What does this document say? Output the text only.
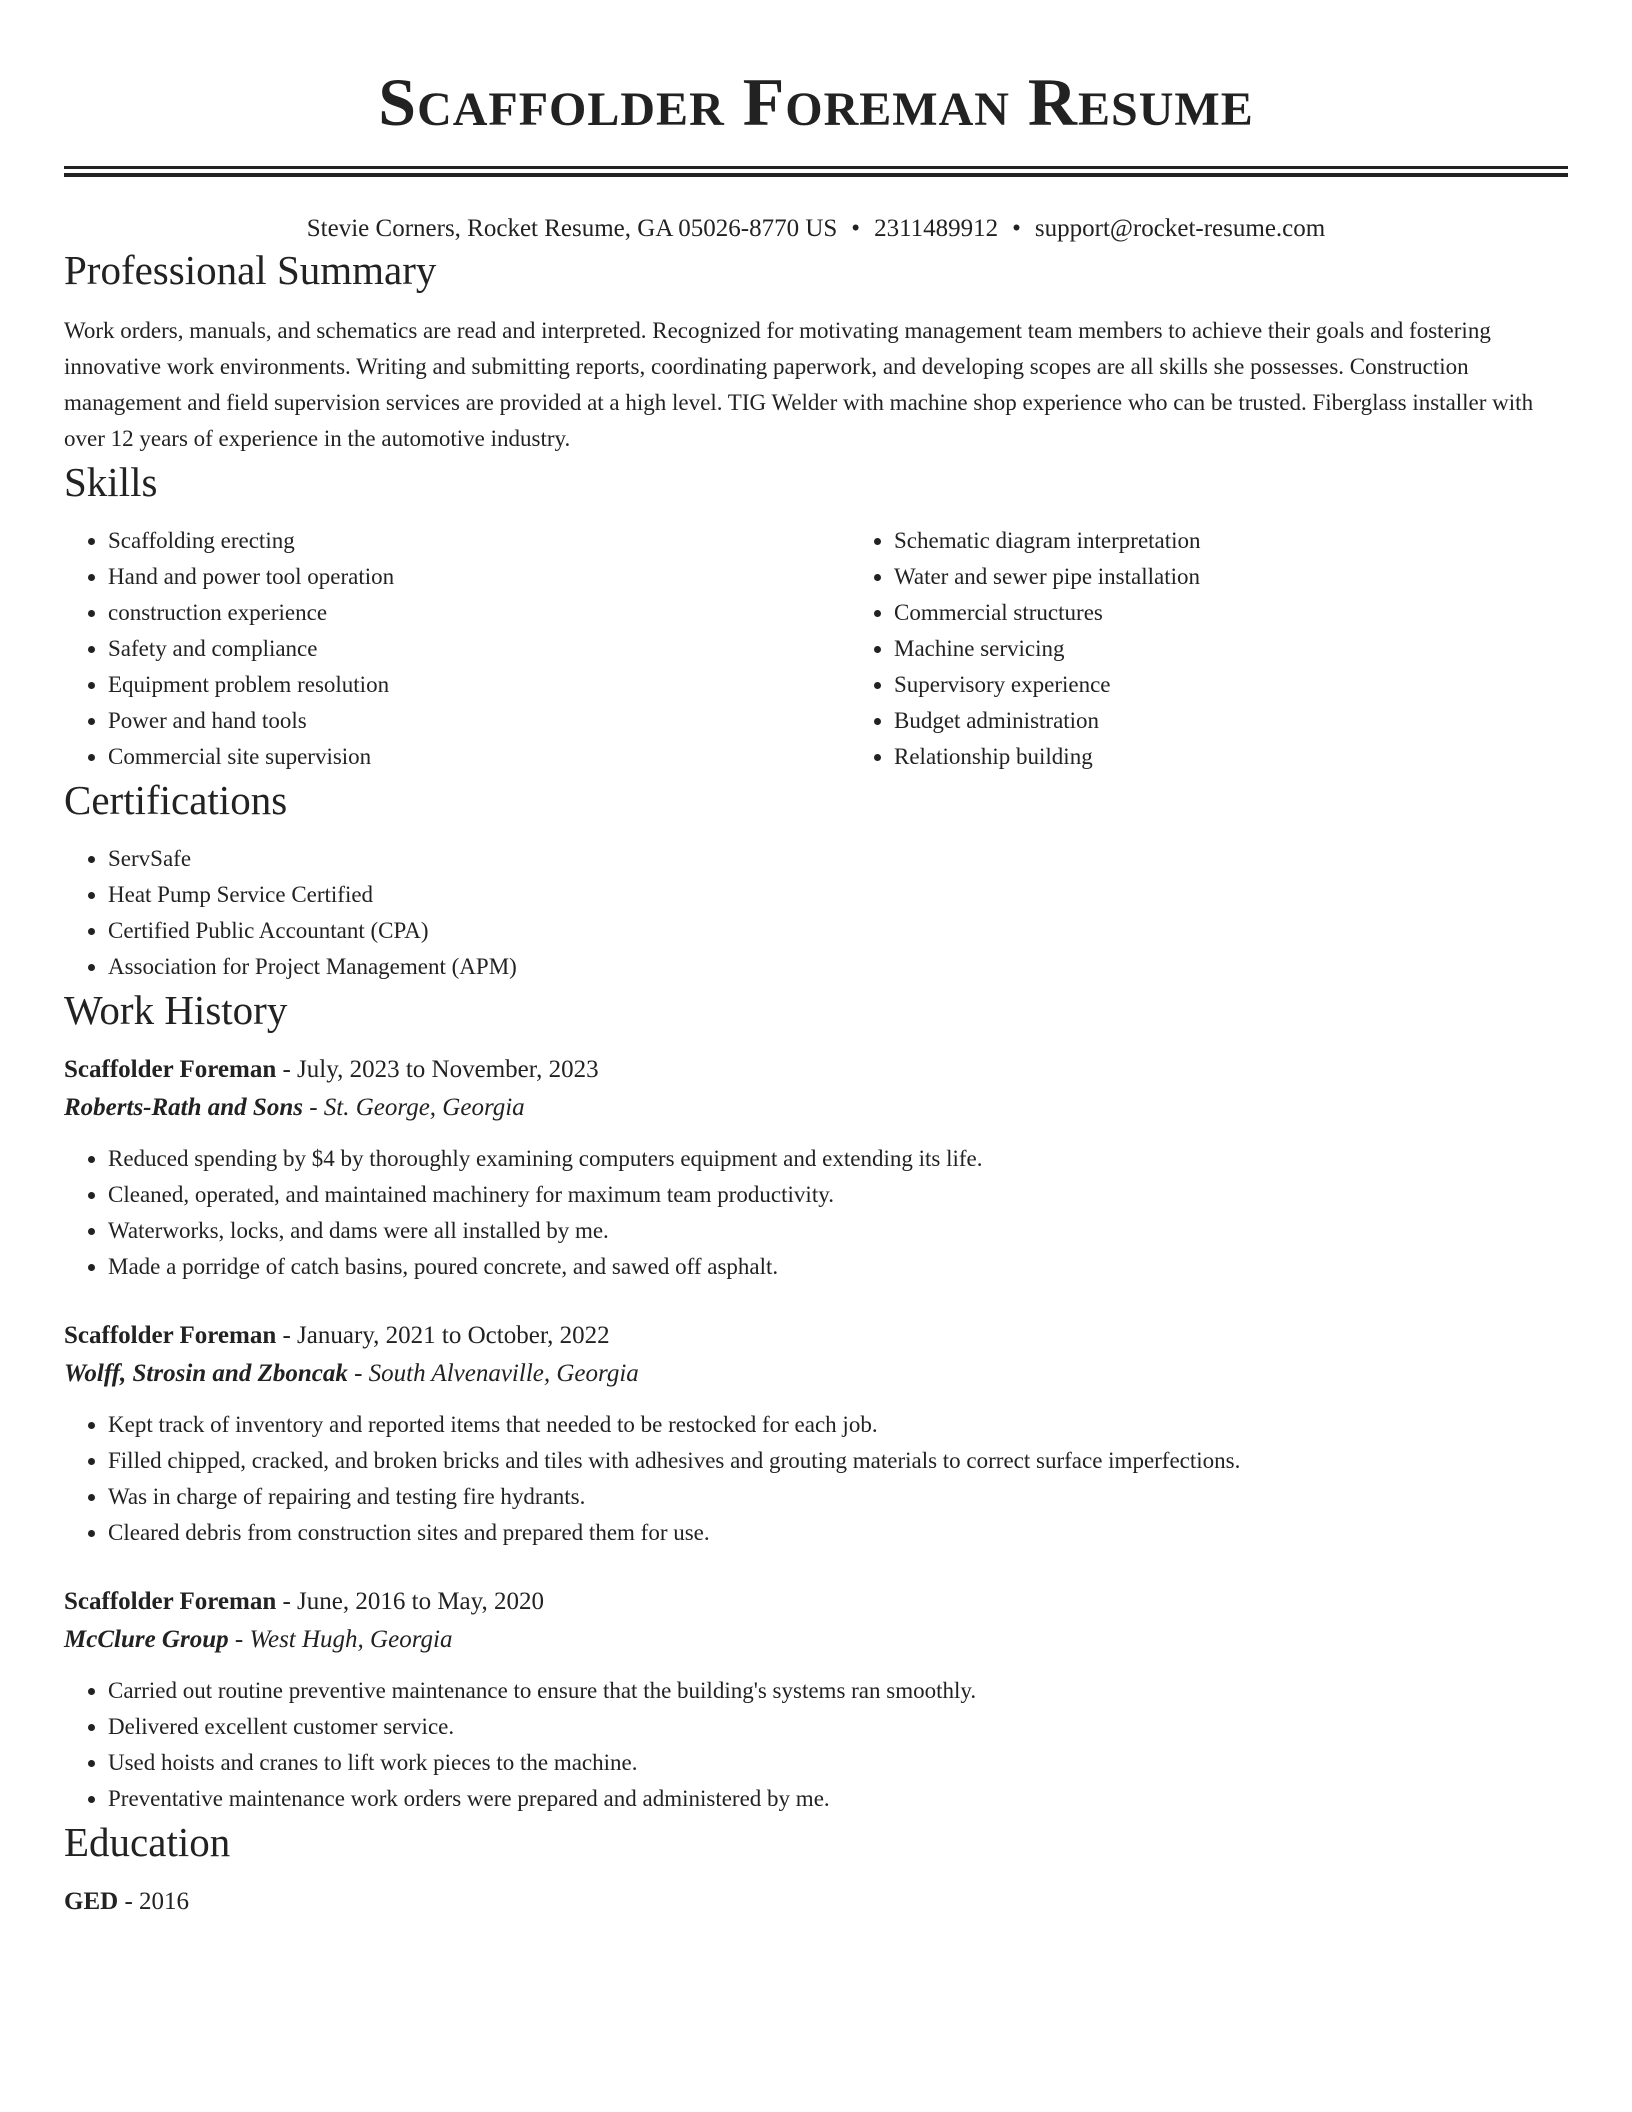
Scaffolder Foreman Resume
Stevie Corners, Rocket Resume, GA 05026-8770 US • 2311489912 • support@rocket-resume.com
Professional Summary

Work orders, manuals, and schematics are read and interpreted. Recognized for motivating management team members to achieve their goals and fostering innovative work environments. Writing and submitting reports, coordinating paperwork, and developing scopes are all skills she possesses. Construction management and field supervision services are provided at a high level. TIG Welder with machine shop experience who can be trusted. Fiberglass installer with over 12 years of experience in the automotive industry.

Skills
• Scaffolding erecting
• Hand and power tool operation
• construction experience
• Safety and compliance
• Equipment problem resolution
• Power and hand tools
• Commercial site supervision
• Schematic diagram interpretation
• Water and sewer pipe installation
• Commercial structures
• Machine servicing
• Supervisory experience
• Budget administration
• Relationship building
Certifications
• ServSafe
• Heat Pump Service Certified
• Certified Public Accountant (CPA)
• Association for Project Management (APM)
Work History
Scaffolder Foreman - July, 2023 to November, 2023
Roberts-Rath and Sons - St. George, Georgia
• Reduced spending by $4 by thoroughly examining computers equipment and extending its life.
• Cleaned, operated, and maintained machinery for maximum team productivity.
• Waterworks, locks, and dams were all installed by me.
• Made a porridge of catch basins, poured concrete, and sawed off asphalt.
Scaffolder Foreman - January, 2021 to October, 2022
Wolff, Strosin and Zboncak - South Alvenaville, Georgia
• Kept track of inventory and reported items that needed to be restocked for each job.
• Filled chipped, cracked, and broken bricks and tiles with adhesives and grouting materials to correct surface imperfections.
• Was in charge of repairing and testing fire hydrants.
• Cleared debris from construction sites and prepared them for use.
Scaffolder Foreman - June, 2016 to May, 2020
McClure Group - West Hugh, Georgia
• Carried out routine preventive maintenance to ensure that the building's systems ran smoothly.
• Delivered excellent customer service.
• Used hoists and cranes to lift work pieces to the machine.
• Preventative maintenance work orders were prepared and administered by me.
Education
GED - 2016
